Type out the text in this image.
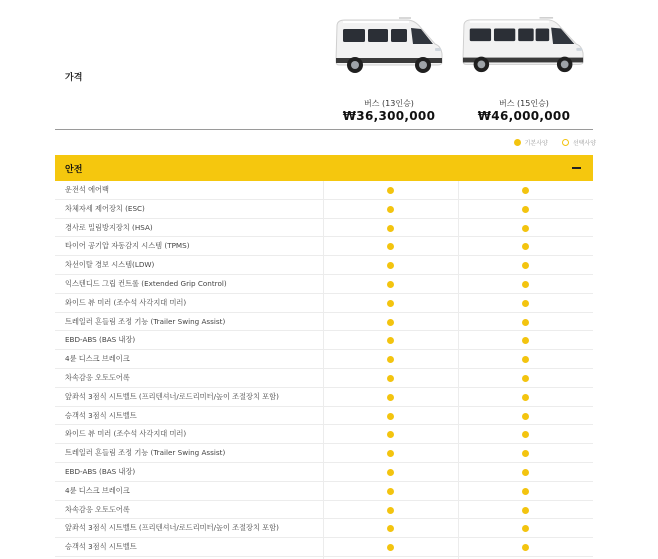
가격
버스 (13인승)
₩36,300,000
버스 (15인승)
₩46,000,000
기본사양	선택사양
안전
운전석 에어백
차체자세 제어장치 (ESC)
경사로 밀림방지장치 (HSA)
타이어 공기압 자동감지 시스템 (TPMS)
차선이탈 경보 시스템(LDW)
익스텐디드 그립 컨트롤 (Extended Grip Control)
와이드 뷰 미러 (조수석 사각지대 미러)
트레일러 흔들림 조정 기능 (Trailer Swing Assist)
EBD-ABS (BAS 내장)
4륜 디스크 브레이크
차속감응 오토도어록
앞좌석 3점식 시트벨트 (프리텐셔너/로드리미터/높이 조절장치 포함)
승객석 3점식 시트벨트
와이드 뷰 미러 (조수석 사각지대 미러)
트레일러 흔들림 조정 기능 (Trailer Swing Assist)
EBD-ABS (BAS 내장)
4륜 디스크 브레이크
차속감응 오토도어록
앞좌석 3점식 시트벨트 (프리텐셔너/로드리미터/높이 조절장치 포함)
승객석 3점식 시트벨트
